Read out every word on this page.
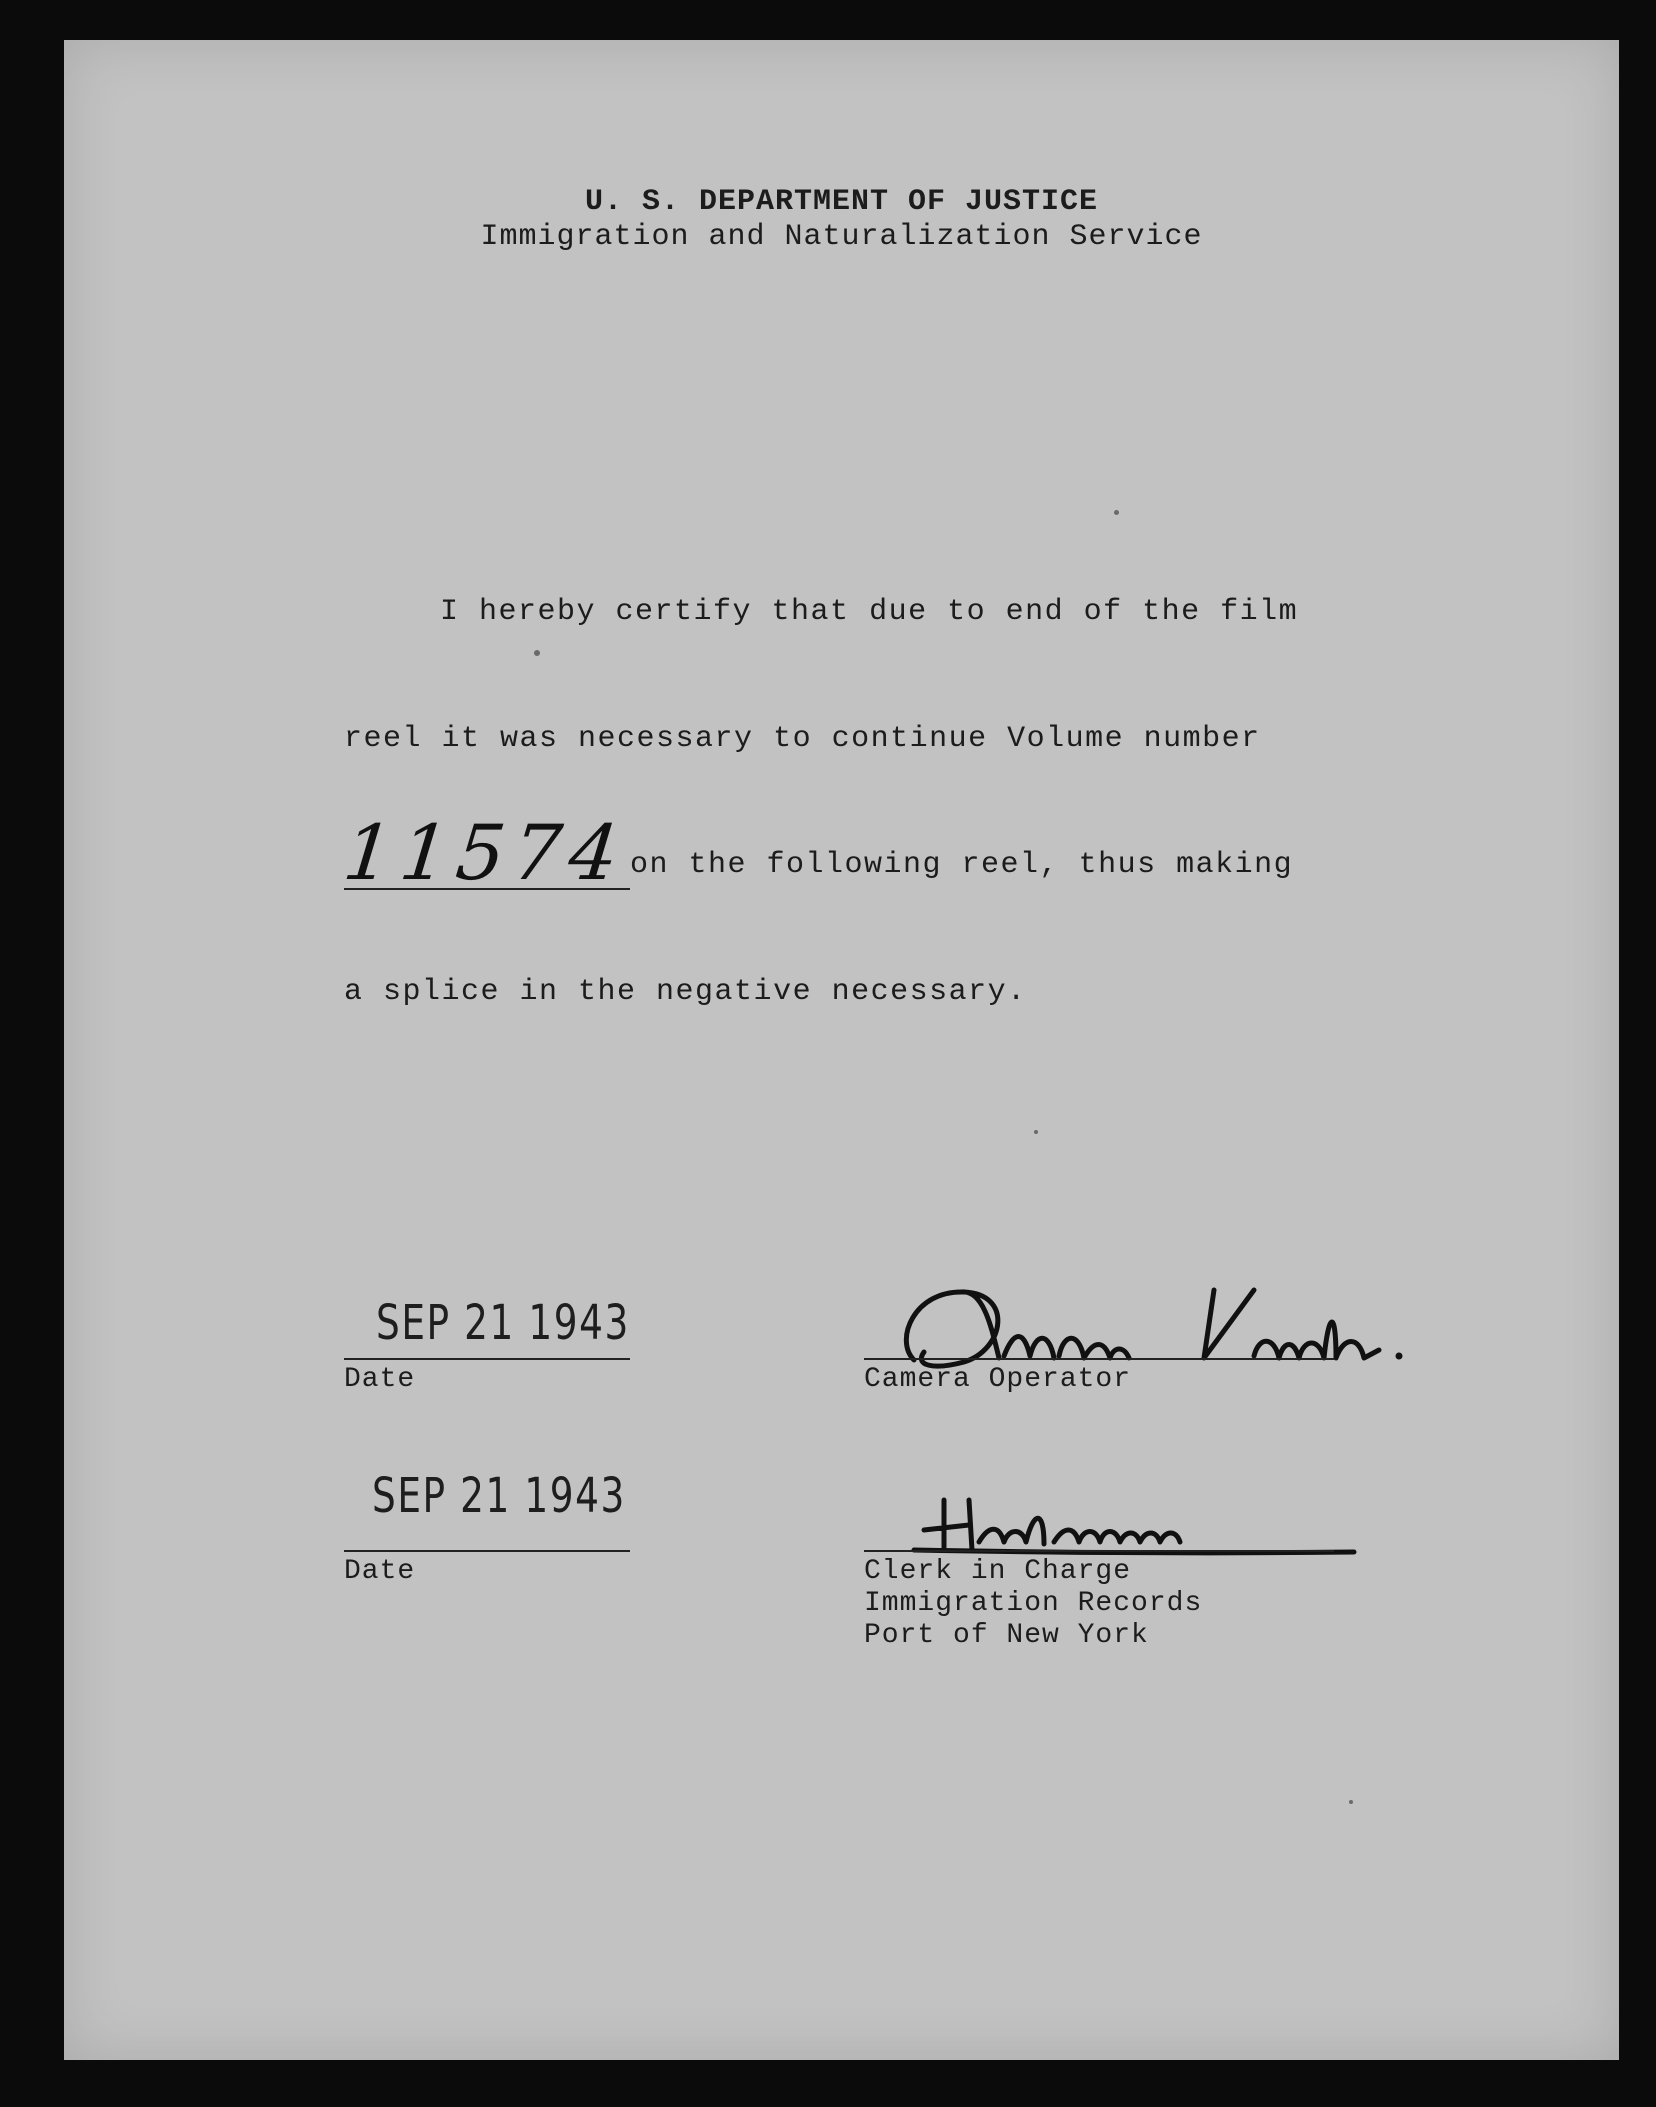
U. S. DEPARTMENT OF JUSTICE
Immigration and Naturalization Service
I hereby certify that due to end of the film
reel it was necessary to continue Volume number
11574 on the following reel, thus making
a splice in the negative necessary.
SEP 21 1943
Date	Camera Operator
SEP 21 1943
Date	Clerk in Charge
Immigration Records
Port of New York
